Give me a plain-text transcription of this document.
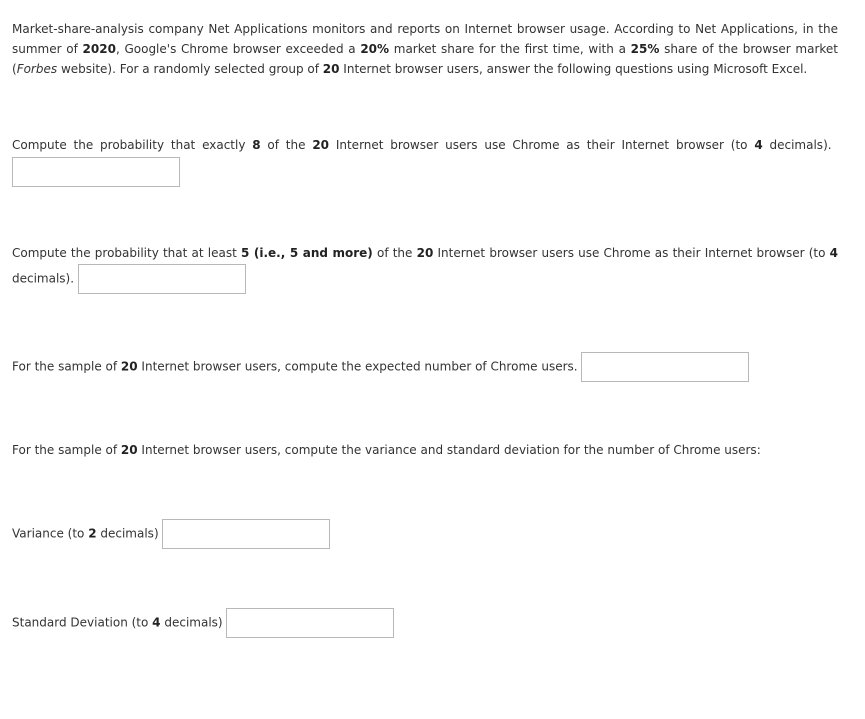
Market-share-analysis company Net Applications monitors and reports on Internet browser usage. According to Net Applications, in the summer of 2020, Google's Chrome browser exceeded a 20% market share for the first time, with a 25% share of the browser market (Forbes website). For a randomly selected group of 20 Internet browser users, answer the following questions using Microsoft Excel.
Compute the probability that exactly 8 of the 20 Internet browser users use Chrome as their Internet browser (to 4 decimals).
Compute the probability that at least 5 (i.e., 5 and more) of the 20 Internet browser users use Chrome as their Internet browser (to 4 decimals).
For the sample of 20 Internet browser users, compute the expected number of Chrome users.
For the sample of 20 Internet browser users, compute the variance and standard deviation for the number of Chrome users:
Variance (to 2 decimals)
Standard Deviation (to 4 decimals)
